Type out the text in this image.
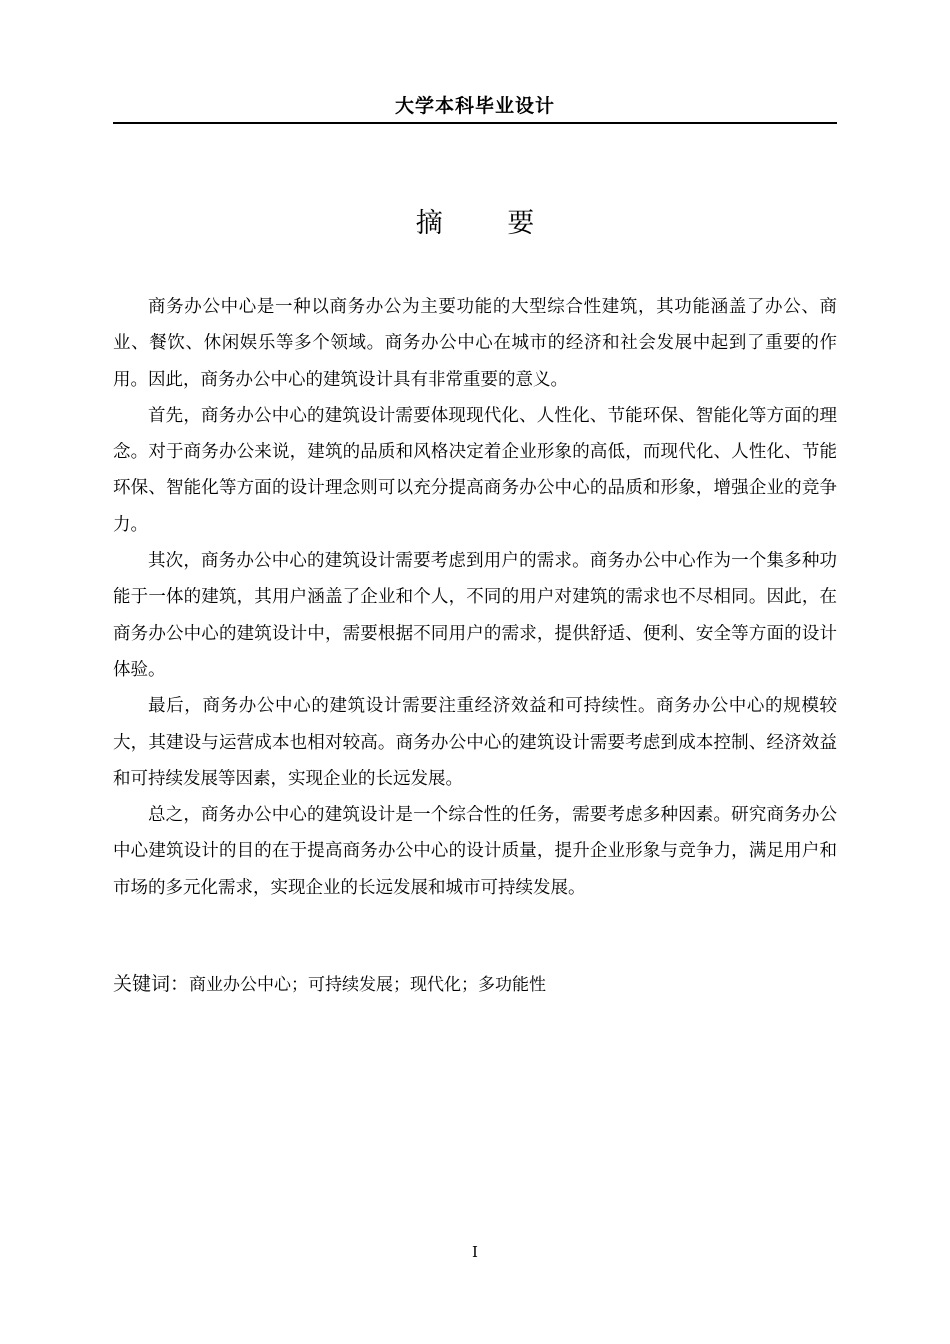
大学本科毕业设计
摘 要

商务办公中心是一种以商务办公为主要功能的大型综合性建筑，其功能涵盖了办公、商业、餐饮、休闲娱乐等多个领域。商务办公中心在城市的经济和社会发展中起到了重要的作用。因此，商务办公中心的建筑设计具有非常重要的意义。

首先，商务办公中心的建筑设计需要体现现代化、人性化、节能环保、智能化等方面的理念。对于商务办公来说，建筑的品质和风格决定着企业形象的高低，而现代化、人性化、节能环保、智能化等方面的设计理念则可以充分提高商务办公中心的品质和形象，增强企业的竞争力。

其次，商务办公中心的建筑设计需要考虑到用户的需求。商务办公中心作为一个集多种功能于一体的建筑，其用户涵盖了企业和个人，不同的用户对建筑的需求也不尽相同。因此，在商务办公中心的建筑设计中，需要根据不同用户的需求，提供舒适、便利、安全等方面的设计体验。

最后，商务办公中心的建筑设计需要注重经济效益和可持续性。商务办公中心的规模较大，其建设与运营成本也相对较高。商务办公中心的建筑设计需要考虑到成本控制、经济效益和可持续发展等因素，实现企业的长远发展。

总之，商务办公中心的建筑设计是一个综合性的任务，需要考虑多种因素。研究商务办公中心建筑设计的目的在于提高商务办公中心的设计质量，提升企业形象与竞争力，满足用户和市场的多元化需求，实现企业的长远发展和城市可持续发展。

关键词：商业办公中心；可持续发展；现代化；多功能性
I
